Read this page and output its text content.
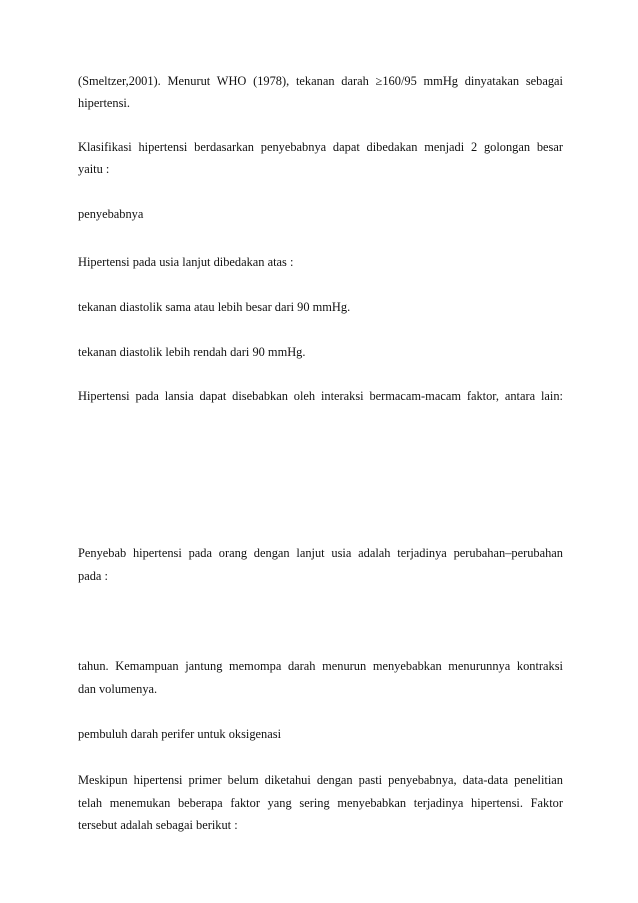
(Smeltzer,2001). Menurut WHO (1978), tekanan darah ≥160/95 mmHg dinyatakan sebagai
hipertensi.
Klasifikasi hipertensi berdasarkan penyebabnya dapat dibedakan menjadi 2 golongan besar
yaitu :
penyebabnya
Hipertensi pada usia lanjut dibedakan atas :
tekanan diastolik sama atau lebih besar dari 90 mmHg.
tekanan diastolik lebih rendah dari 90 mmHg.
Hipertensi pada lansia dapat disebabkan oleh interaksi bermacam-macam faktor, antara lain:
Penyebab hipertensi pada orang dengan lanjut usia adalah terjadinya perubahan–perubahan
pada :
tahun. Kemampuan jantung memompa darah menurun menyebabkan menurunnya kontraksi
dan volumenya.
pembuluh darah perifer untuk oksigenasi
Meskipun hipertensi primer belum diketahui dengan pasti penyebabnya, data-data penelitian
telah menemukan beberapa faktor yang sering menyebabkan terjadinya hipertensi. Faktor
tersebut adalah sebagai berikut :
